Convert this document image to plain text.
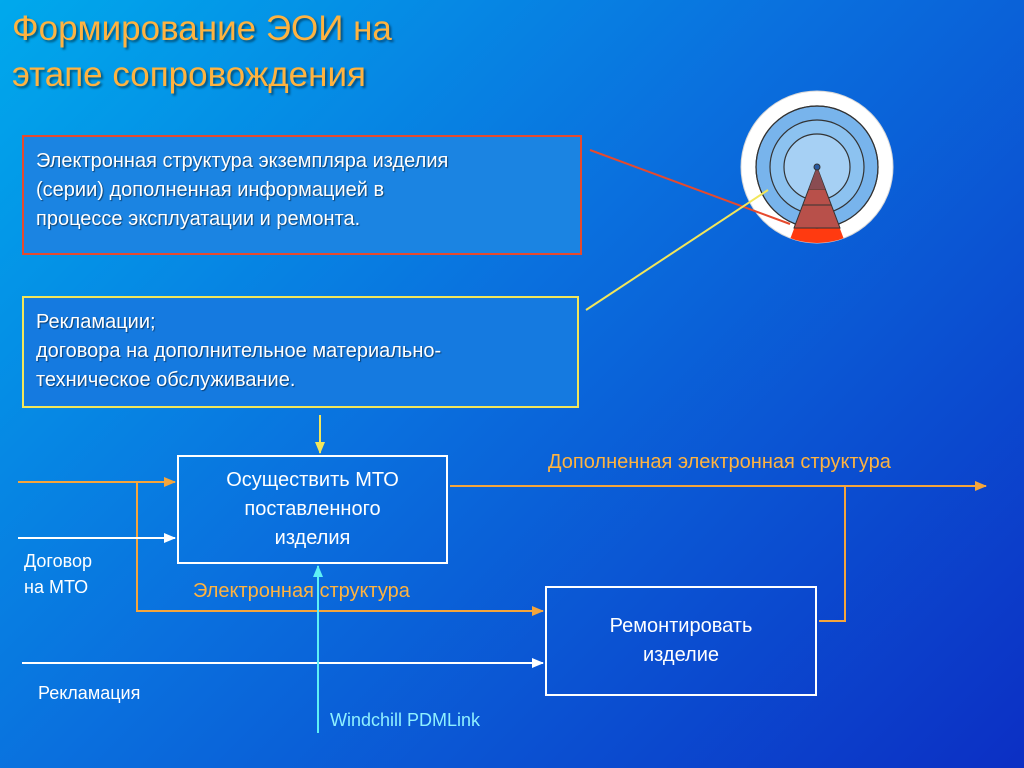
Формирование ЭОИ на
этапе сопровождения
Электронная структура экземпляра изделия
(серии) дополненная информацией в
процессе эксплуатации и ремонта.
Рекламации;
договора на дополнительное материально-
техническое обслуживание.
Осуществить МТО
поставленного
изделия
Ремонтировать
изделие
Дополненная электронная структура
Электронная структура
Договор
на МТО
Рекламация
Windchill PDMLink
